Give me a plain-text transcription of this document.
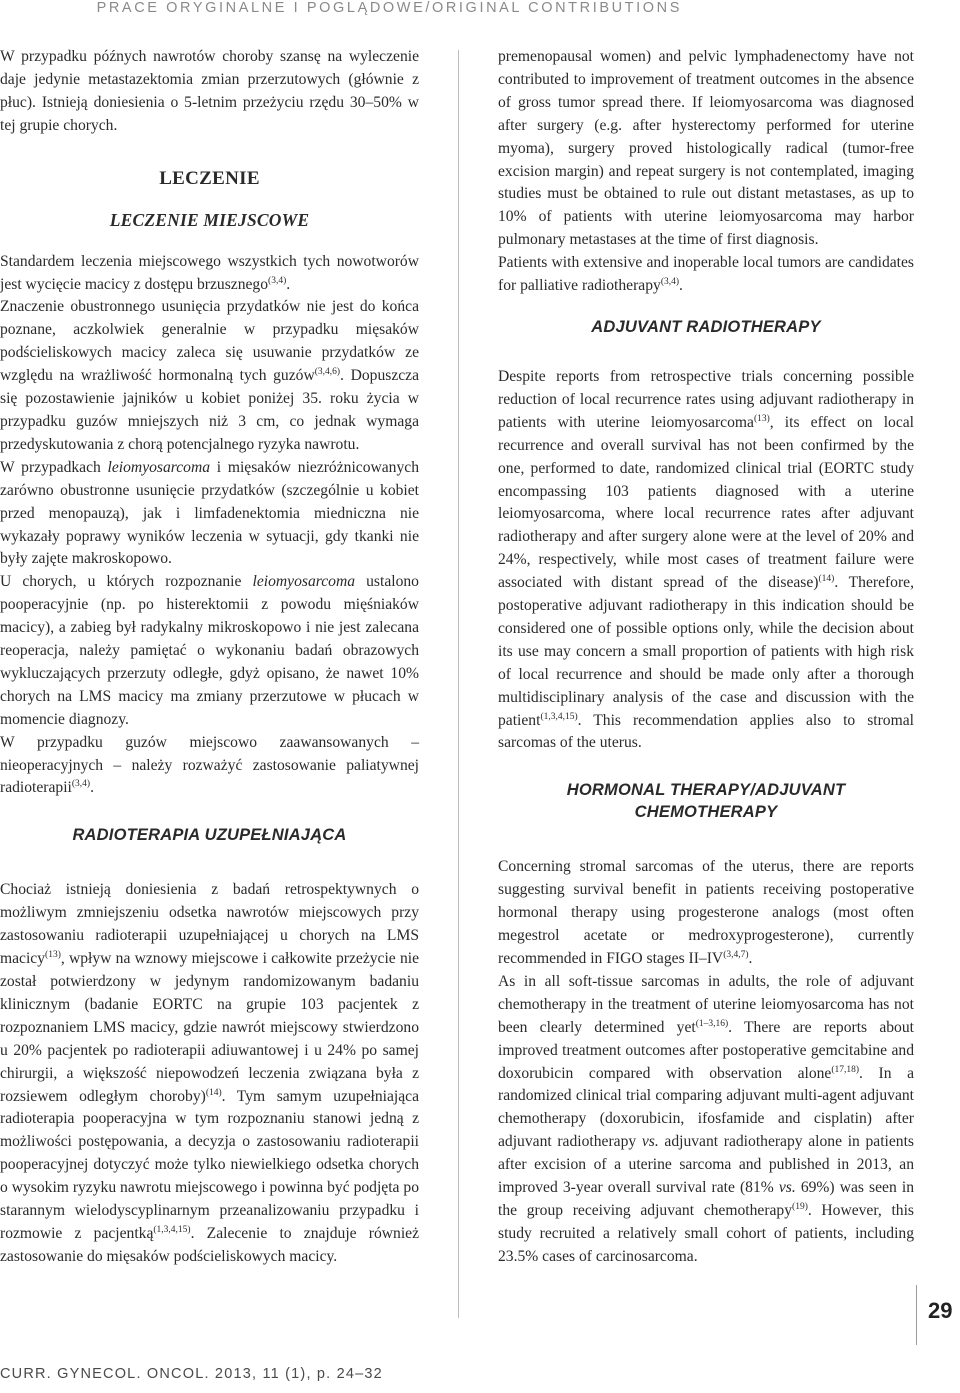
PRACE ORYGINALNE I POGLĄDOWE/ORIGINAL CONTRIBUTIONS

W przypadku późnych nawrotów choroby szansę na wyleczenie daje jedynie metastazektomia zmian przerzutowych (głównie z płuc). Istnieją doniesienia o 5-letnim przeżyciu rzędu 30–50% w tej grupie chorych.

LECZENIE
LECZENIE MIEJSCOWE

Standardem leczenia miejscowego wszystkich tych nowotworów jest wycięcie macicy z dostępu brzusznego$^{(3,4)}$.

Znaczenie obustronnego usunięcia przydatków nie jest do końca poznane, aczkolwiek generalnie w przypadku mięsaków podścieliskowych macicy zaleca się usuwanie przydatków ze względu na wrażliwość hormonalną tych guzów$^{(3,4,6)}$. Dopuszcza się pozostawienie jajników u kobiet poniżej 35. roku życia w przypadku guzów mniejszych niż 3 cm, co jednak wymaga przedyskutowania z chorą potencjalnego ryzyka nawrotu.

W przypadkach leiomyosarcoma i mięsaków niezróżnicowanych zarówno obustronne usunięcie przydatków (szczególnie u kobiet przed menopauzą), jak i limfadenektomia miedniczna nie wykazały poprawy wyników leczenia w sytuacji, gdy tkanki nie były zajęte makroskopowo.

U chorych, u których rozpoznanie leiomyosarcoma ustalono pooperacyjnie (np. po histerektomii z powodu mięśniaków macicy), a zabieg był radykalny mikroskopowo i nie jest zalecana reoperacja, należy pamiętać o wykonaniu badań obrazowych wykluczających przerzuty odległe, gdyż opisano, że nawet 10% chorych na LMS macicy ma zmiany przerzutowe w płucach w momencie diagnozy.

W przypadku guzów miejscowo zaawansowanych – nieoperacyjnych – należy rozważyć zastosowanie paliatywnej radioterapii$^{(3,4)}$.

RADIOTERAPIA UZUPEŁNIAJĄCA

Chociaż istnieją doniesienia z badań retrospektywnych o możliwym zmniejszeniu odsetka nawrotów miejscowych przy zastosowaniu radioterapii uzupełniającej u chorych na LMS macicy$^{(13)}$, wpływ na wznowy miejscowe i całkowite przeżycie nie został potwierdzony w jedynym randomizowanym badaniu klinicznym (badanie EORTC na grupie 103 pacjentek z rozpoznaniem LMS macicy, gdzie nawrót miejscowy stwierdzono u 20% pacjentek po radioterapii adiuwantowej i u 24% po samej chirurgii, a większość niepowodzeń leczenia związana była z rozsiewem odległym choroby)$^{(14)}$. Tym samym uzupełniająca radioterapia pooperacyjna w tym rozpoznaniu stanowi jedną z możliwości postępowania, a decyzja o zastosowaniu radioterapii pooperacyjnej dotyczyć może tylko niewielkiego odsetka chorych o wysokim ryzyku nawrotu miejscowego i powinna być podjęta po starannym wielodyscyplinarnym przeanalizowaniu przypadku i rozmowie z pacjentką$^{(1,3,4,15)}$. Zalecenie to znajduje również zastosowanie do mięsaków podścieliskowych macicy.

premenopausal women) and pelvic lymphadenectomy have not contributed to improvement of treatment outcomes in the absence of gross tumor spread there. If leiomyosarcoma was diagnosed after surgery (e.g. after hysterectomy performed for uterine myoma), surgery proved histologically radical (tumor-free excision margin) and repeat surgery is not contemplated, imaging studies must be obtained to rule out distant metastases, as up to 10% of patients with uterine leiomyosarcoma may harbor pulmonary metastases at the time of first diagnosis.

Patients with extensive and inoperable local tumors are candidates for palliative radiotherapy$^{(3,4)}$.

ADJUVANT RADIOTHERAPY

Despite reports from retrospective trials concerning possible reduction of local recurrence rates using adjuvant radiotherapy in patients with uterine leiomyosarcoma$^{(13)}$, its effect on local recurrence and overall survival has not been confirmed by the one, performed to date, randomized clinical trial (EORTC study encompassing 103 patients diagnosed with a uterine leiomyosarcoma, where local recurrence rates after adjuvant radiotherapy and after surgery alone were at the level of 20% and 24%, respectively, while most cases of treatment failure were associated with distant spread of the disease)$^{(14)}$. Therefore, postoperative adjuvant radiotherapy in this indication should be considered one of possible options only, while the decision about its use may concern a small proportion of patients with high risk of local recurrence and should be made only after a thorough multidisciplinary analysis of the case and discussion with the patient$^{(1,3,4,15)}$. This recommendation applies also to stromal sarcomas of the uterus.

HORMONAL THERAPY/ADJUVANT
CHEMOTHERAPY

Concerning stromal sarcomas of the uterus, there are reports suggesting survival benefit in patients receiving postoperative hormonal therapy using progesterone analogs (most often megestrol acetate or medroxyprogesterone), currently recommended in FIGO stages II–IV$^{(3,4,7)}$.

As in all soft-tissue sarcomas in adults, the role of adjuvant chemotherapy in the treatment of uterine leiomyosarcoma has not been clearly determined yet$^{(1-3,16)}$. There are reports about improved treatment outcomes after postoperative gemcitabine and doxorubicin compared with observation alone$^{(17,18)}$. In a randomized clinical trial comparing adjuvant multi-agent adjuvant chemotherapy (doxorubicin, ifosfamide and cisplatin) after adjuvant radiotherapy vs. adjuvant radiotherapy alone in patients after excision of a uterine sarcoma and published in 2013, an improved 3-year overall survival rate (81% vs. 69%) was seen in the group receiving adjuvant chemotherapy$^{(19)}$. However, this study recruited a relatively small cohort of patients, including 23.5% cases of carcinosarcoma.

29
CURR. GYNECOL. ONCOL. 2013, 11 (1), p. 24–32
